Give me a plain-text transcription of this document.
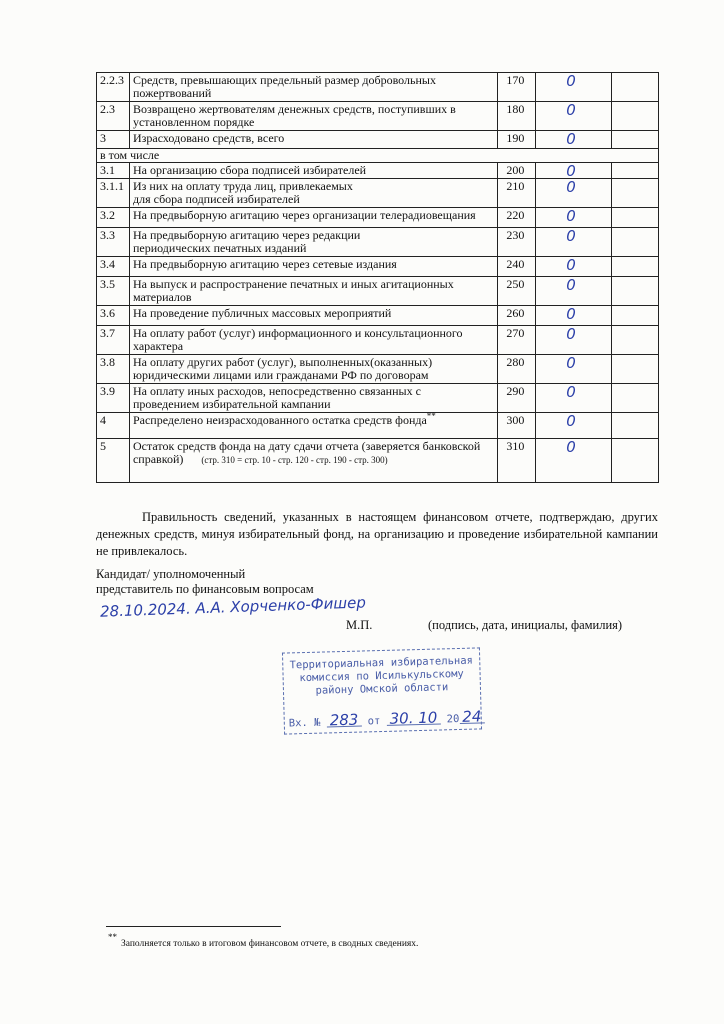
2.2.3	Средств, превышающих предельный размер добровольных
пожертвований	170	0	

2.3	Возвращено жертвователям денежных средств, поступивших в
установленном порядке	180	0	

3	Израсходовано средств, всего	190	0	

в том числе				
3.1	На организацию сбора подписей избирателей	200	0	

3.1.1	Из них на оплату труда лиц, привлекаемых
для сбора подписей избирателей	210	0	

3.2	На предвыборную агитацию через организации телерадиовещания	220	0	

3.3	На предвыборную агитацию через редакции
периодических печатных изданий	230	0	

3.4	На предвыборную агитацию через сетевые издания	240	0	

3.5	На выпуск и распространение печатных и иных агитационных
материалов	250	0	

3.6	На проведение публичных массовых мероприятий	260	0	

3.7	На оплату работ (услуг) информационного и консультационного
характера	270	0	

3.8	На оплату других работ (услуг), выполненных(оказанных)
юридическими лицами или гражданами РФ по договорам	280	0	

3.9	На оплату иных расходов, непосредственно связанных с
проведением избирательной кампании	290	0	

4	Распределено неизрасходованного остатка средств фонда**	300	0	

5	Остаток средств фонда на дату сдачи отчета (заверяется банковской
справкой) (стр. 310 = стр. 10 - стр. 120 - стр. 190 - стр. 300)	310	0	

Правильность сведений, указанных в настоящем финансовом отчете, подтверждаю, других денежных средств, минуя избирательный фонд, на организацию и проведение избирательной кампании не привлекалось.
Кандидат/ уполномоченный
представитель по финансовым вопросам
28.10.2024. А.А. Хорченко-Фишер
М.П.	(подпись, дата, инициалы, фамилия)
Территориальная избирательная
комиссия по Исилькульскому
району Омской области
Вх. № 283 от 30. 10 20 24
**
Заполняется только в итоговом финансовом отчете, в сводных сведениях.
